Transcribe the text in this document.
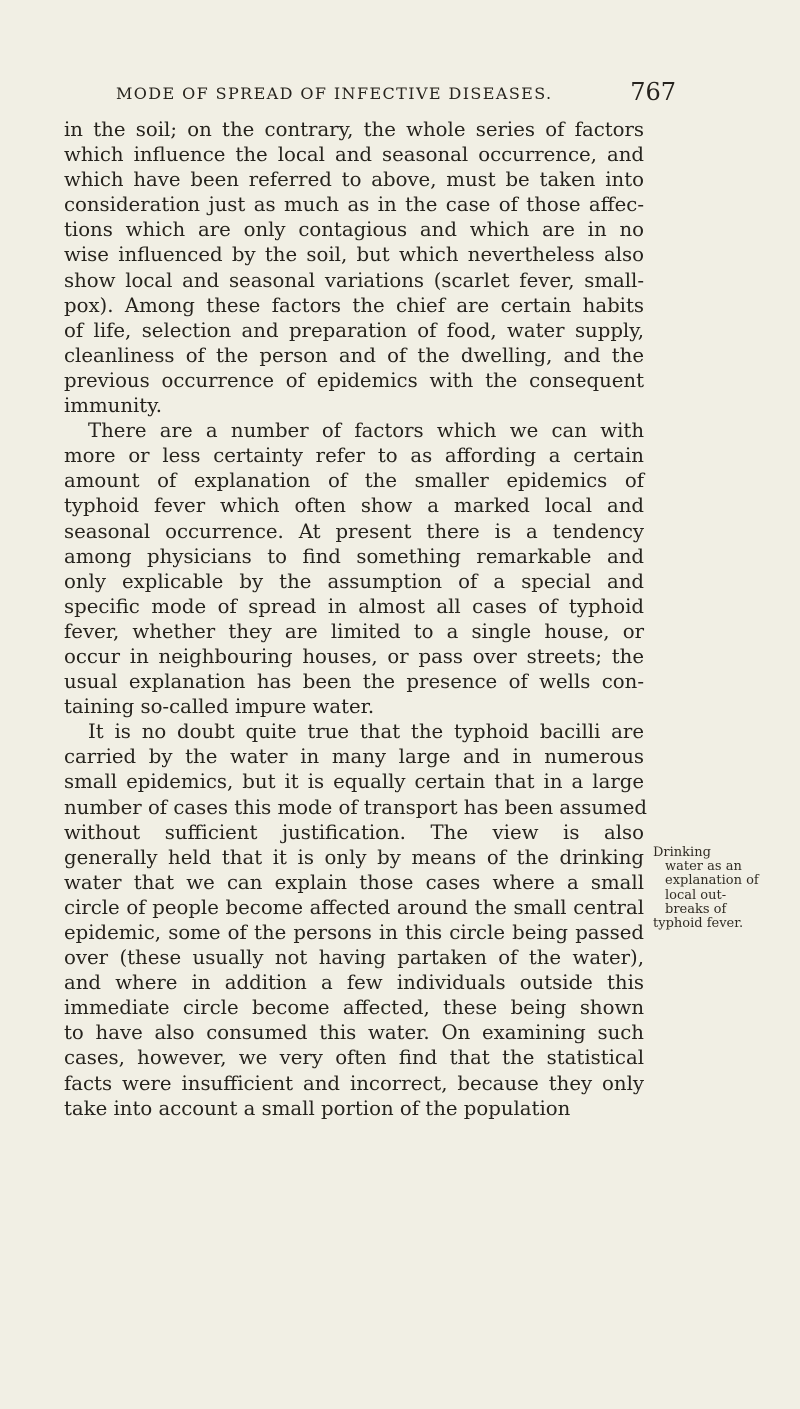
MODE OF SPREAD OF INFECTIVE DISEASES.	767
in the soil; on the contrary, the whole series of factors
which influence the local and seasonal occurrence, and
which have been referred to above, must be taken into
consideration just as much as in the case of those affec-
tions which are only contagious and which are in no
wise influenced by the soil, but which nevertheless also
show local and seasonal variations (scarlet fever, small-
pox). Among these factors the chief are certain habits
of life, selection and preparation of food, water supply,
cleanliness of the person and of the dwelling, and the
previous occurrence of epidemics with the consequent
immunity.
There are a number of factors which we can with
more or less certainty refer to as affording a certain
amount of explanation of the smaller epidemics of
typhoid fever which often show a marked local and
seasonal occurrence. At present there is a tendency
among physicians to find something remarkable and
only explicable by the assumption of a special and
specific mode of spread in almost all cases of typhoid
fever, whether they are limited to a single house, or
occur in neighbouring houses, or pass over streets; the
usual explanation has been the presence of wells con-
taining so-called impure water.
It is no doubt quite true that the typhoid bacilli are
carried by the water in many large and in numerous
small epidemics, but it is equally certain that in a large
number of cases this mode of transport has been assumed
without sufficient justification. The view is also
generally held that it is only by means of the drinking
water that we can explain those cases where a small
circle of people become affected around the small central
epidemic, some of the persons in this circle being passed
over (these usually not having partaken of the water),
and where in addition a few individuals outside this
immediate circle become affected, these being shown
to have also consumed this water. On examining such
cases, however, we very often find that the statistical
facts were insufficient and incorrect, because they only
take into account a small portion of the population
Drinking
water as an
explanation of
local out-
breaks of
typhoid fever.
